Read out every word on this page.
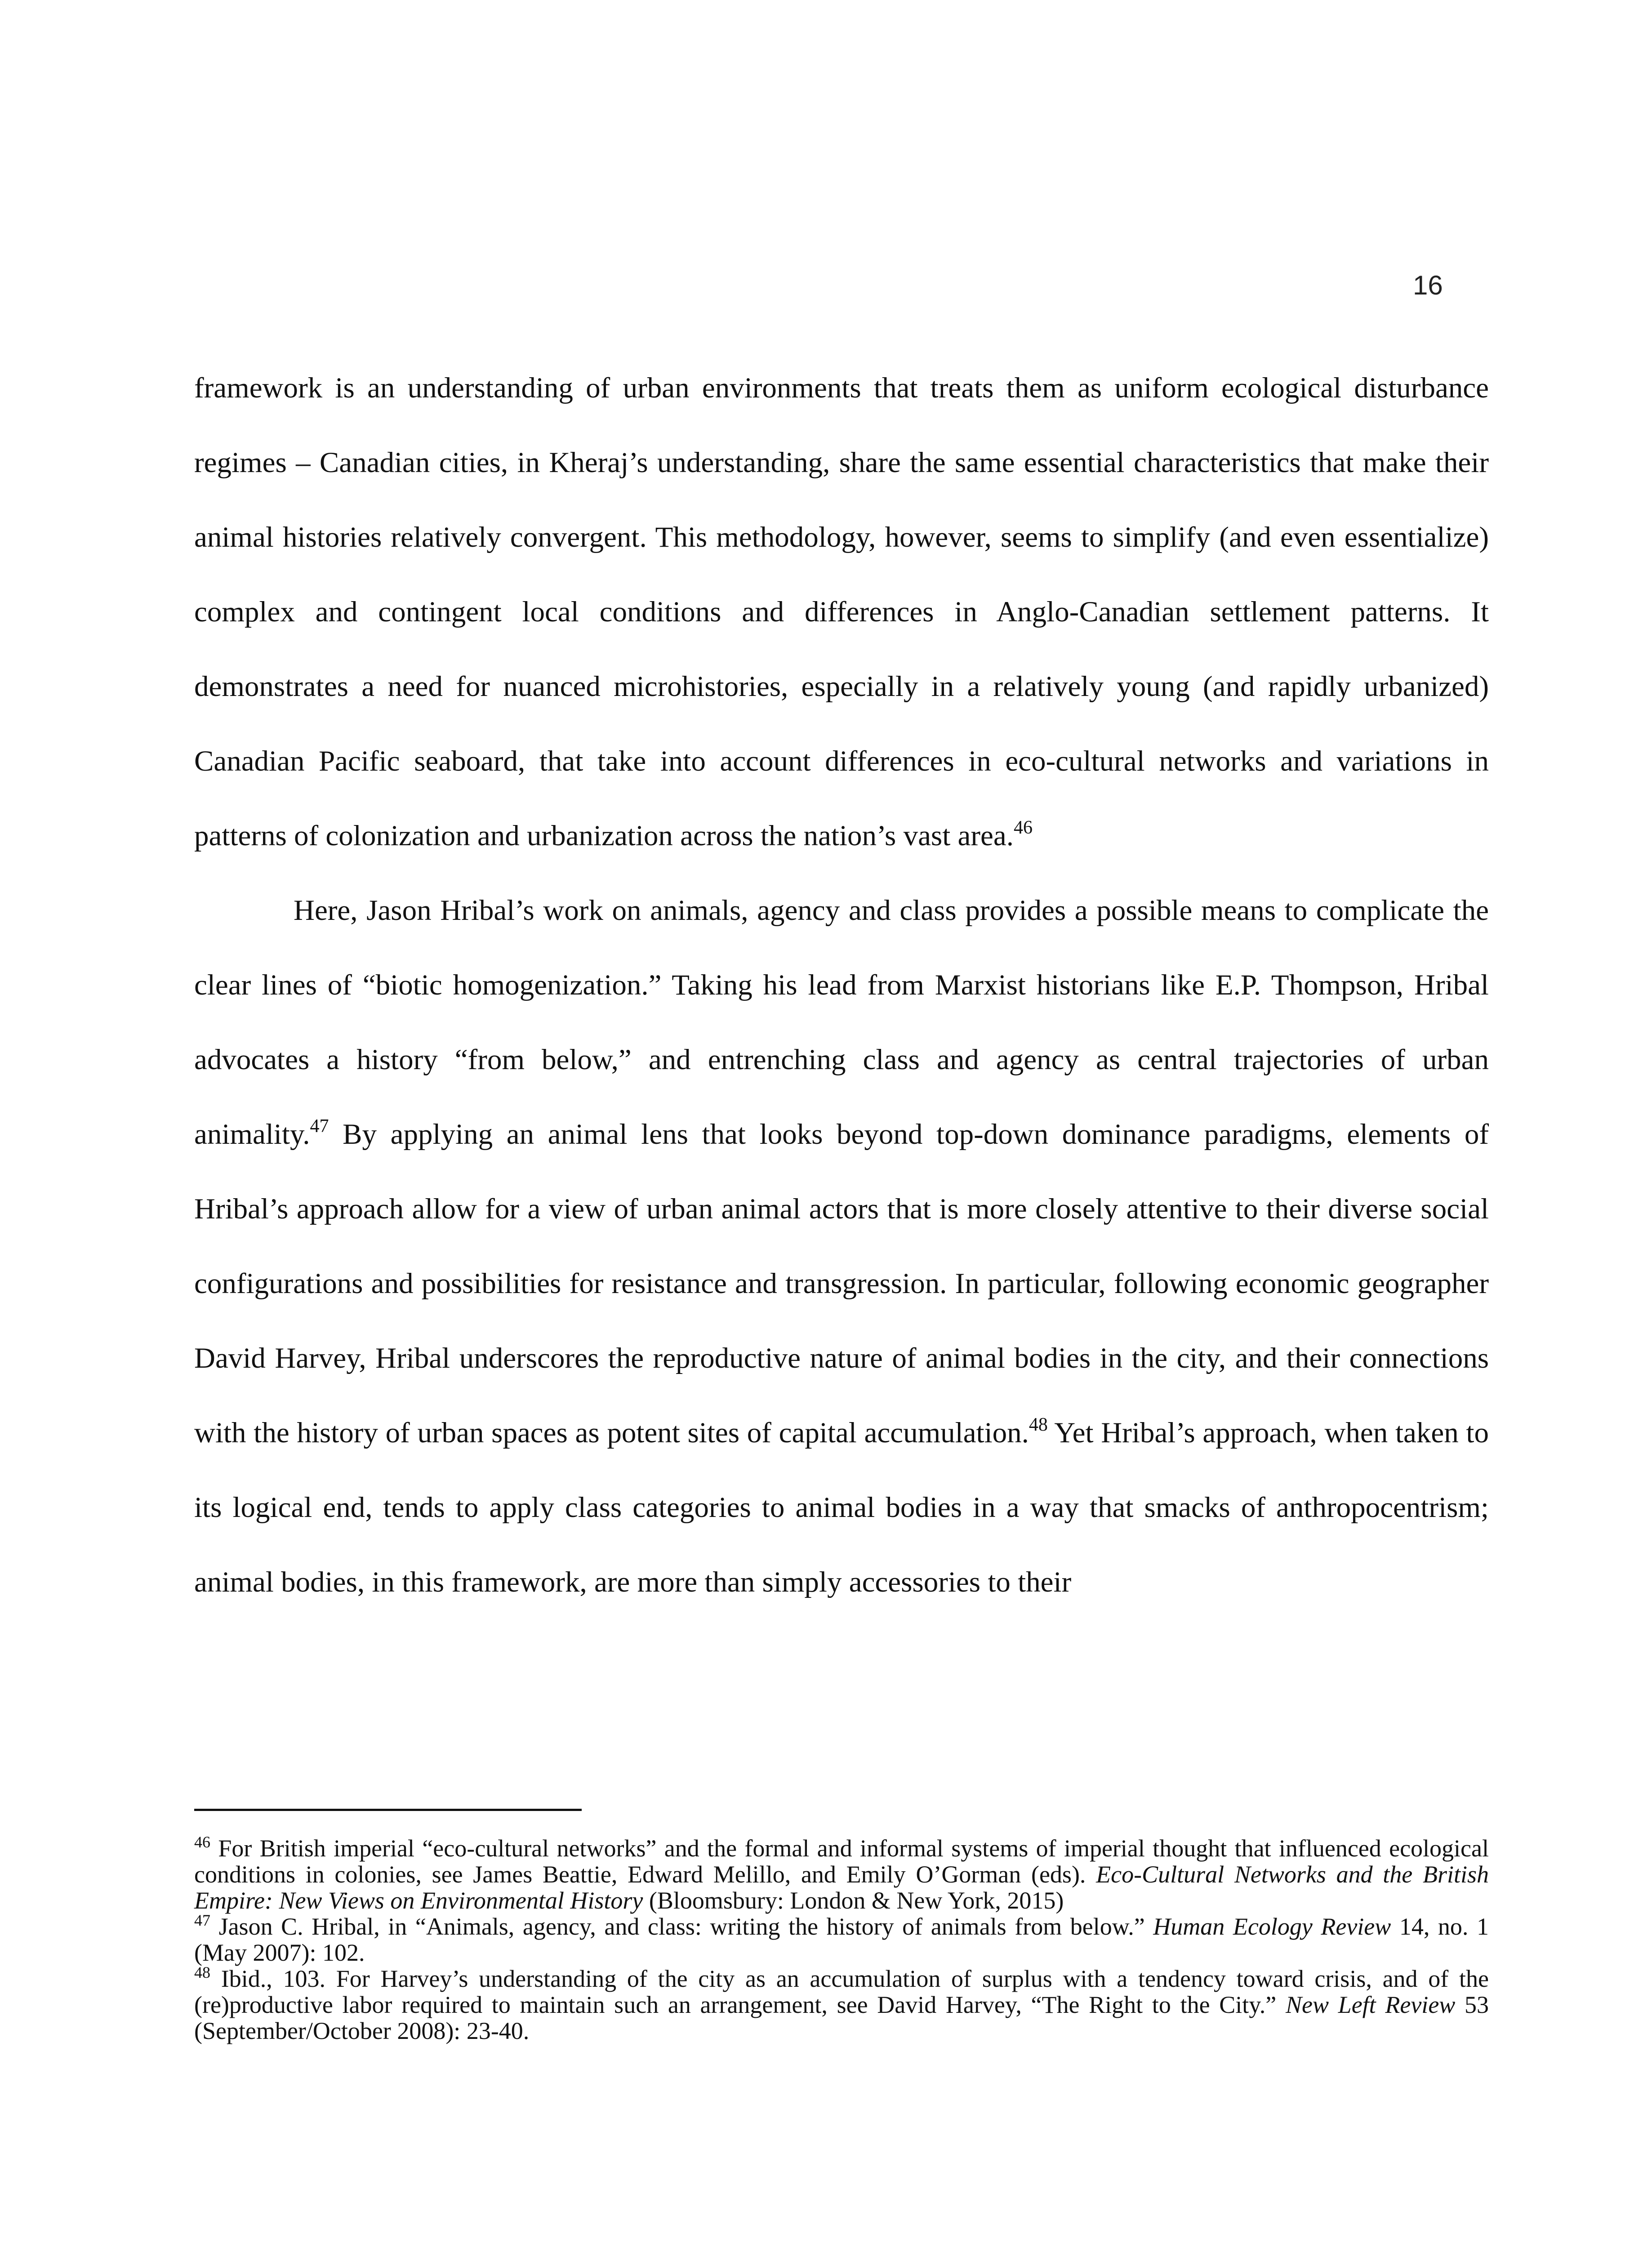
16

framework is an understanding of urban environments that treats them as uniform ecological disturbance regimes – Canadian cities, in Kheraj’s understanding, share the same essential characteristics that make their animal histories relatively convergent. This methodology, however, seems to simplify (and even essentialize) complex and contingent local conditions and differences in Anglo-Canadian settlement patterns. It demonstrates a need for nuanced microhistories, especially in a relatively young (and rapidly urbanized) Canadian Pacific seaboard, that take into account differences in eco-cultural networks and variations in patterns of colonization and urbanization across the nation’s vast area.$^{46}$

Here, Jason Hribal’s work on animals, agency and class provides a possible means to complicate the clear lines of “biotic homogenization.” Taking his lead from Marxist historians like E.P. Thompson, Hribal advocates a history “from below,” and entrenching class and agency as central trajectories of urban animality.$^{47}$ By applying an animal lens that looks beyond top-down dominance paradigms, elements of Hribal’s approach allow for a view of urban animal actors that is more closely attentive to their diverse social configurations and possibilities for resistance and transgression. In particular, following economic geographer David Harvey, Hribal underscores the reproductive nature of animal bodies in the city, and their connections with the history of urban spaces as potent sites of capital accumulation.$^{48}$ Yet Hribal’s approach, when taken to its logical end, tends to apply class categories to animal bodies in a way that smacks of anthropocentrism; animal bodies, in this framework, are more than simply accessories to their

$^{46}$ For British imperial “eco-cultural networks” and the formal and informal systems of imperial thought that influenced ecological conditions in colonies, see James Beattie, Edward Melillo, and Emily O’Gorman (eds). Eco-Cultural Networks and the British Empire: New Views on Environmental History (Bloomsbury: London & New York, 2015)

$^{47}$ Jason C. Hribal, in “Animals, agency, and class: writing the history of animals from below.” Human Ecology Review 14, no. 1 (May 2007): 102.

$^{48}$ Ibid., 103. For Harvey’s understanding of the city as an accumulation of surplus with a tendency toward crisis, and of the (re)productive labor required to maintain such an arrangement, see David Harvey, “The Right to the City.” New Left Review 53 (September/October 2008): 23-40.
